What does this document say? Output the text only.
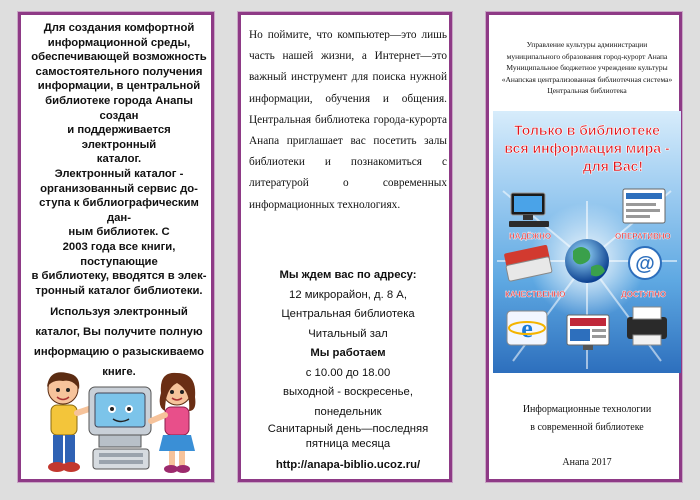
Для создания комфортной
информационной среды,
обеспечивающей возможность
самостоятельного получения
информации, в центральной
библиотеке города Анапы создан
и поддерживается электронный
каталог.

Электронный каталог -
организованный сервис до-
ступа к библиографическим дан-
ным библиотек. С
2003 года все книги, поступающие
в библиотеку, вводятся в элек-
тронный каталог библиотеки.

Используя электронный
каталог, Вы получите полную
информацию о разыскиваемо
книге.

Но поймите, что компьютер—это лишь часть нашей жизни, а Интернет—это важный инструмент для поиска нужной информации, обучения и общения. Центральная библиотека города-курорта Анапа приглашает вас посетить залы библиотеки и познакомиться с литературой о современных информационных технологиях.
Мы ждем вас по адресу:
12 микрорайон, д. 8 А,
Центральная библиотека
Читальный зал
Мы работаем
с 10.00 до 18.00
выходной - воскресенье,
понедельник
Санитарный день—последняя
пятница месяца
http://anapa-biblio.ucoz.ru/
Управление культуры администрации
муниципального образования город-курорт Анапа
Муниципальное бюджетное учреждение культуры
«Анапская централизованная библиотечная система»
Центральная библиотека
Только в библиотеке
вся информация мира -
для Вас!
@
e
НАДЁЖНО	ОПЕРАТИВНО
КАЧЕСТВЕННО	ДОСТУПНО
Информационные технологии
в современной библиотеке
Анапа 2017
